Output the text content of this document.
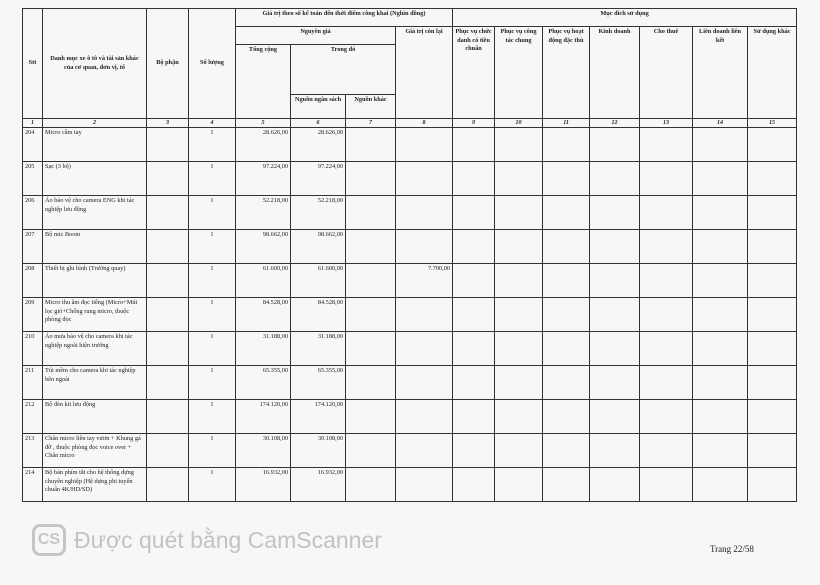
Stt	Danh mục xe ô tô và tài sản khác của cơ quan, đơn vị, tổ	Bộ phận	Số lượng	Giá trị theo sổ kế toán đến thời điểm công khai (Nghìn đồng)				Mục đích sử dụng						
				Nguyên giá			Giá trị còn lại	Phục vụ chức danh có tiêu chuẩn	Phục vụ công tác chung	Phục vụ hoạt động đặc thù	Kinh doanh	Cho thuê	Liên doanh liên kết	Sử dụng khác
				Tổng cộng	Trong đó									
					Nguồn ngân sách	Nguồn khác								
1	2	3	4	5	6	7	8	9	10	11	12	13	14	15
204	Micro cầm tay		1	28.626,00	28.626,00									
205	Sạc (3 bộ)		1	97.224,00	97.224,00									
206	Áo bảo vệ cho camera ENG khi tác nghiệp lưu động		1	52.218,00	52.218,00									
207	Bộ mic Boom		1	98.662,00	98.662,00									
208	Thiết bị ghi hình (Trường quay)		1	61.600,00	61.600,00		7.700,00							
209	Micro thu âm đọc tiếng (Micro+Mút lọc gió+Chống rung micro, thuộc phòng đọc		1	84.528,00	84.528,00									
210	Áo mưa bảo vệ cho camera khi tác nghiệp ngoài hiện trường		1	31.188,00	31.188,00									
211	Túi mềm cho camera khi tác nghiệp bên ngoài		1	65.355,00	65.355,00									
212	Bộ đèn kit lưu động		1	174.120,00	174.120,00									
213	Chân micro liền tay vươn + Khung gá đỡ , thuộc phòng đọc voice over + Chân micro		1	30.108,00	30.108,00									
214	Bộ bàn phím tắt cho hệ thống dựng chuyên nghiệp (Hệ dựng phi tuyến chuẩn 4K/HD/SD)		1	16.932,00	16.932,00									
CS Được quét bằng CamScanner	Trang 22/58
